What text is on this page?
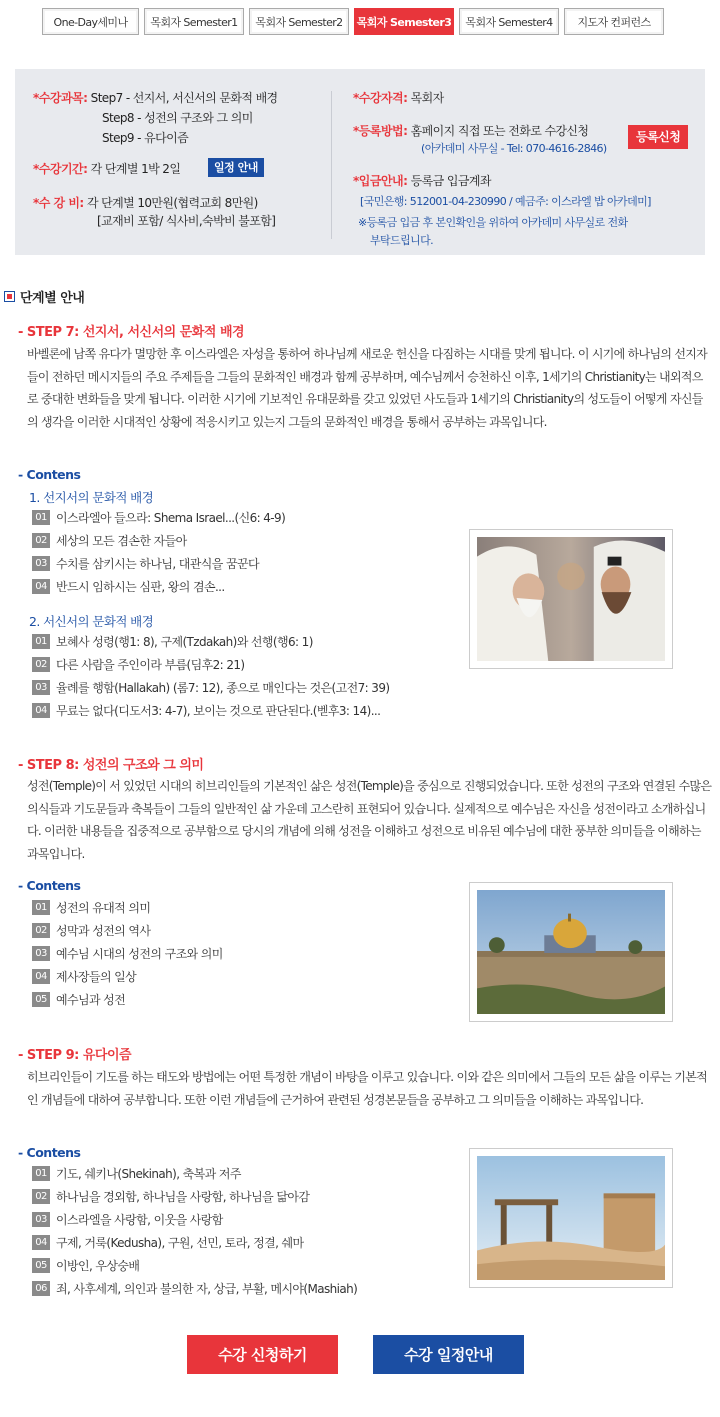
One-Day세미나	목회자 Semester1	목회자 Semester2	목회자 Semester3	목회자 Semester4	지도자 컨퍼런스
*수강과목: Step7 - 선지서, 서신서의 문화적 배경
Step8 - 성전의 구조와 그 의미
Step9 - 유다이즘
*수강기간: 각 단계별 1박 2일	일정 안내
*수 강 비: 각 단계별 10만원(협력교회 8만원)
[교재비 포함/ 식사비,숙박비 불포함]
*수강자격: 목회자
*등록방법: 홈페이지 직접 또는 전화로 수강신청
(아카데미 사무실 - Tel: 070-4616-2846)
등록신청
*입금안내: 등록금 입금계좌
[국민은행: 512001-04-230990 / 예금주: 이스라엘 밥 아카데미]
※등록금 입금 후 본인확인을 위하여 아카데미 사무실로 전화
부탁드립니다.
단계별 안내
- STEP 7: 선지서, 서신서의 문화적 배경
바벨론에 남쪽 유다가 멸망한 후 이스라엘은 자성을 통하여 하나님께 새로운 헌신을 다짐하는 시대를 맞게 됩니다. 이 시기에 하나님의 선지자들이 전하던 메시지들의 주요 주제들을 그들의 문화적인 배경과 함께 공부하며, 예수님께서 승천하신 이후, 1세기의 Christianity는 내외적으로 중대한 변화들을 맞게 됩니다. 이러한 시기에 기보적인 유대문화를 갖고 있었던 사도들과 1세기의 Christianity의 성도들이 어떻게 자신들의 생각을 이러한 시대적인 상황에 적응시키고 있는지 그들의 문화적인 배경을 통해서 공부하는 과목입니다.
- Contens
1. 선지서의 문화적 배경
01 이스라엘아 들으라: Shema Israel...(신6: 4-9)
02 세상의 모든 겸손한 자들아
03 수치를 삼키시는 하나님, 대관식을 꿈꾼다
04 반드시 임하시는 심판, 왕의 겸손...
2. 서신서의 문화적 배경
01 보혜사 성령(행1: 8), 구제(Tzdakah)와 선행(행6: 1)
02 다른 사람을 주인이라 부름(딤후2: 21)
03 율례를 행함(Hallakah) (롬7: 12), 종으로 매인다는 것은(고전7: 39)
04 무료는 없다(디도서3: 4-7), 보이는 것으로 판단된다.(벧후3: 14)...
- STEP 8: 성전의 구조와 그 의미
성전(Temple)이 서 있었던 시대의 히브리인들의 기본적인 삶은 성전(Temple)을 중심으로 진행되었습니다. 또한 성전의 구조와 연결된 수많은 의식들과 기도문들과 축복들이 그들의 일반적인 삶 가운데 고스란히 표현되어 있습니다. 실제적으로 예수님은 자신을 성전이라고 소개하십니다. 이러한 내용들을 집중적으로 공부함으로 당시의 개념에 의해 성전을 이해하고 성전으로 비유된 예수님에 대한 풍부한 의미들을 이해하는 과목입니다.
- Contens
01 성전의 유대적 의미
02 성막과 성전의 역사
03 예수님 시대의 성전의 구조와 의미
04 제사장들의 일상
05 예수님과 성전
- STEP 9: 유다이즘
히브리인들이 기도를 하는 태도와 방법에는 어떤 특정한 개념이 바탕을 이루고 있습니다. 이와 같은 의미에서 그들의 모든 삶을 이루는 기본적인 개념들에 대하여 공부합니다. 또한 이런 개념들에 근거하여 관련된 성경본문들을 공부하고 그 의미들을 이해하는 과목입니다.
- Contens
01 기도, 쉐키나(Shekinah), 축복과 저주
02 하나님을 경외함, 하나님을 사랑함, 하나님을 닮아감
03 이스라엘을 사랑함, 이웃을 사랑함
04 구제, 거룩(Kedusha), 구원, 선민, 토라, 정결, 쉐마
05 이방인, 우상숭배
06 죄, 사후세계, 의인과 불의한 자, 상급, 부활, 메시야(Mashiah)
수강 신청하기	수강 일정안내
